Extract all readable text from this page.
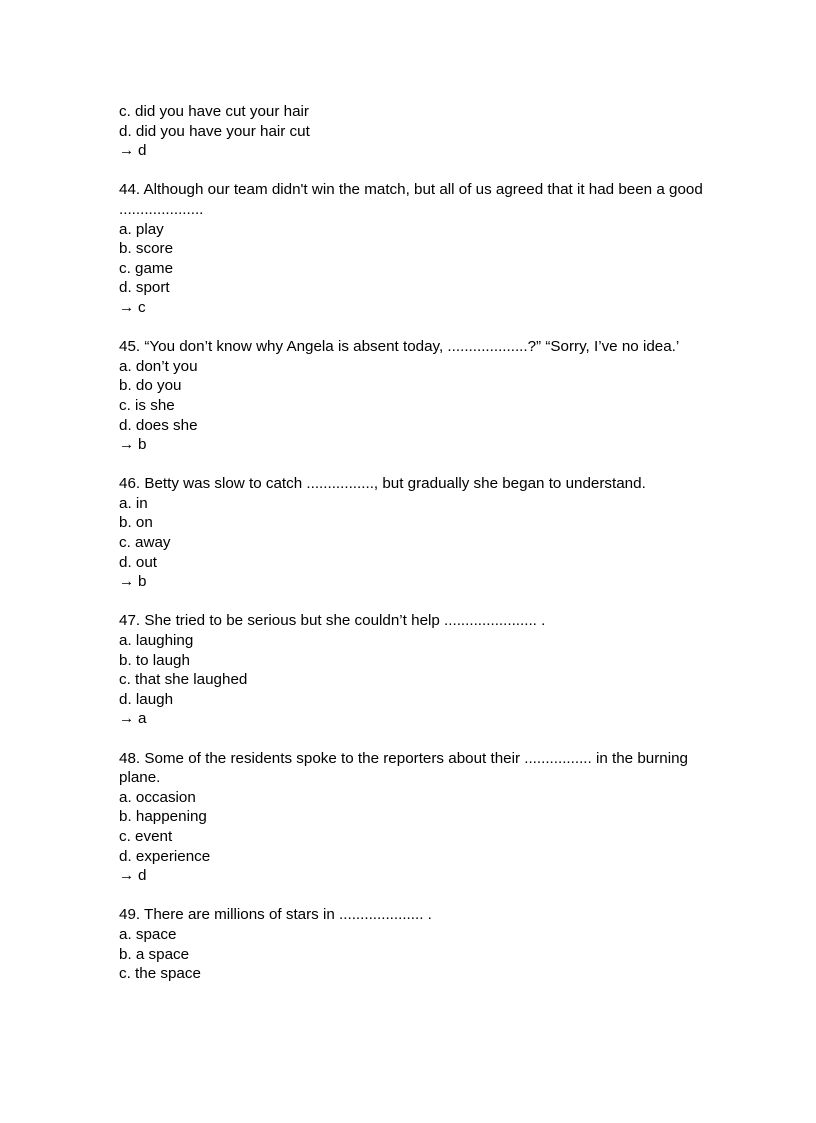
c. did you have cut your hair
d. did you have your hair cut
→ d
44. Although our team didn't win the match, but all of us agreed that it had been a good ....................
a. play
b. score
c. game
d. sport
→ c
45. “You don’t know why Angela is absent today, ...................?” “Sorry, I’ve no idea.’
a. don’t you
b. do you
c. is she
d. does she
→ b
46. Betty was slow to catch ................, but gradually she began to understand.
a. in
b. on
c. away
d. out
→ b
47. She tried to be serious but she couldn’t help ...................... .
a. laughing
b. to laugh
c. that she laughed
d. laugh
→ a
48. Some of the residents spoke to the reporters about their ................ in the burning plane.
a. occasion
b. happening
c. event
d. experience
→ d
49. There are millions of stars in .................... .
a. space
b. a space
c. the space
